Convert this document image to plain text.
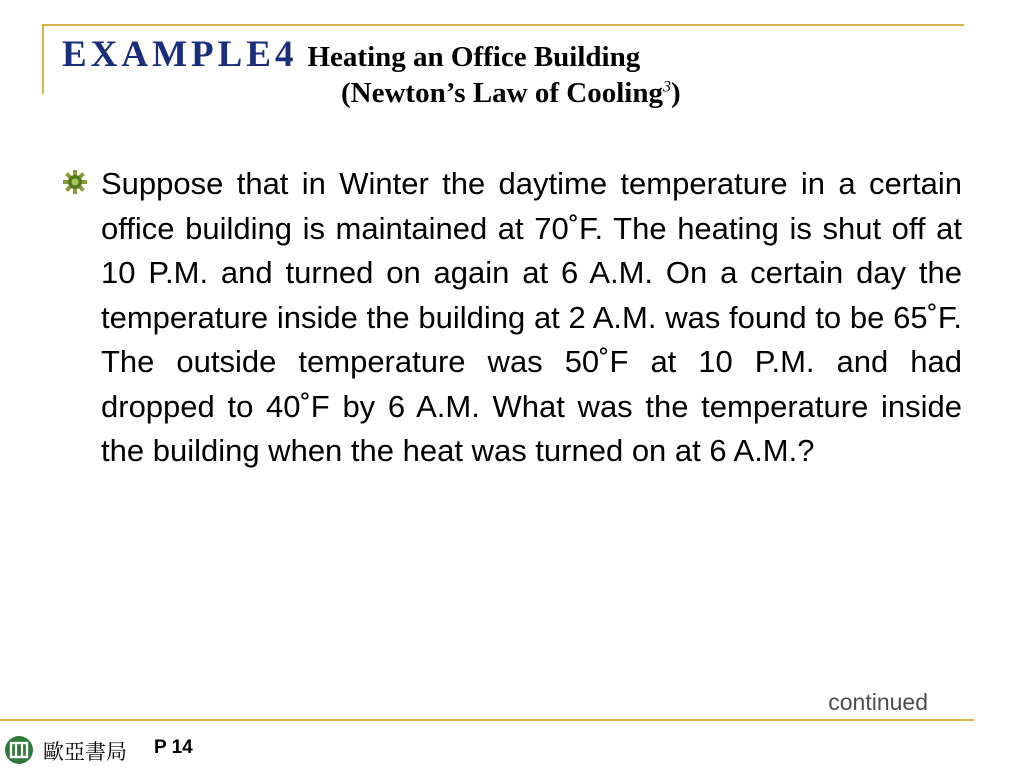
EXAMPLE4 Heating an Office Building
(Newton’s Law of Cooling$^3$)
Suppose that in Winter the daytime temperature in a certain office building is maintained at 70˚F. The heating is shut off at 10 P.M. and turned on again at 6 A.M. On a certain day the temperature inside the building at 2 A.M. was found to be 65˚F. The outside temperature was 50˚F at 10 P.M. and had dropped to 40˚F by 6 A.M. What was the temperature inside the building when the heat was turned on at 6 A.M.?
continued
歐亞書局 P 14
